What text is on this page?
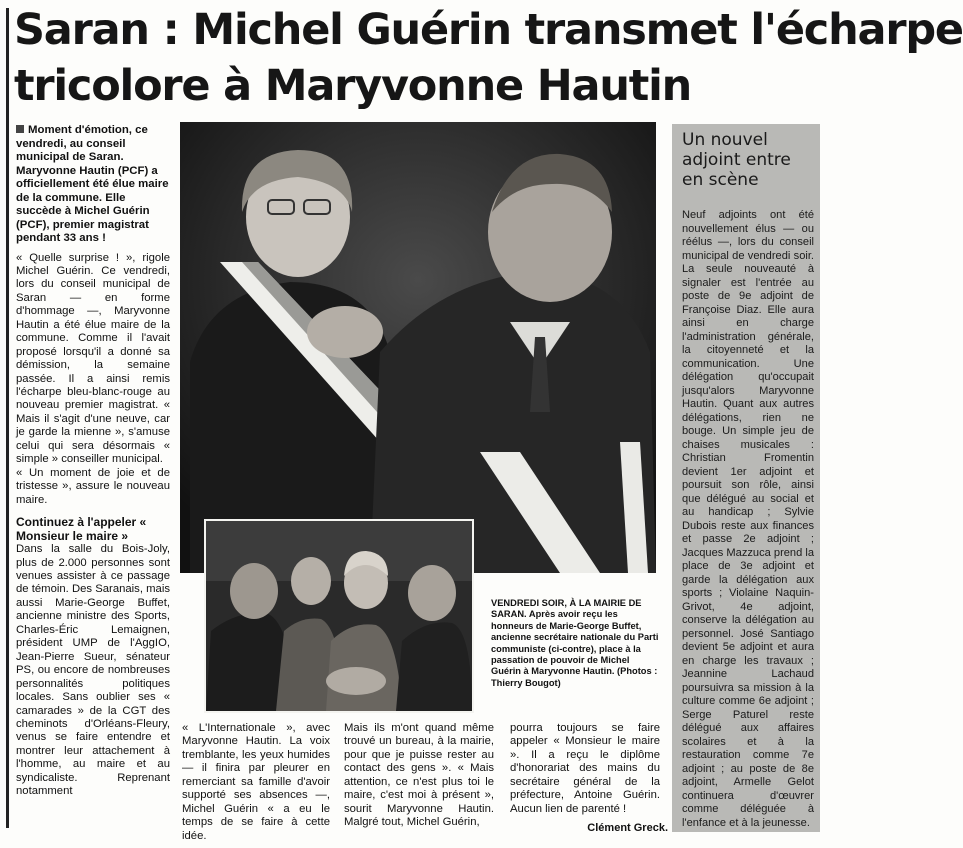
Saran : Michel Guérin transmet l'écharpe
tricolore à Maryvonne Hautin

Moment d'émotion, ce vendredi, au conseil municipal de Saran. Maryvonne Hautin (PCF) a officiellement été élue maire de la commune. Elle succède à Michel Guérin (PCF), premier magistrat pendant 33 ans !

« Quelle surprise ! », rigole Michel Guérin. Ce vendredi, lors du conseil municipal de Saran — en forme d'hommage —, Maryvonne Hautin a été élue maire de la commune. Comme il l'avait proposé lorsqu'il a donné sa démission, la semaine passée. Il a ainsi remis l'écharpe bleu-blanc-rouge au nouveau premier magistrat. « Mais il s'agit d'une neuve, car je garde la mienne », s'amuse celui qui sera désormais « simple » conseiller municipal.

« Un moment de joie et de tristesse », assure le nouveau maire.

Continuez à l'appeler « Monsieur le maire »

Dans la salle du Bois-Joly, plus de 2.000 personnes sont venues assister à ce passage de témoin. Des Saranais, mais aussi Marie-George Buffet, ancienne ministre des Sports, Charles-Éric Lemaignen, président UMP de l'AggIO, Jean-Pierre Sueur, sénateur PS, ou encore de nombreuses personnalités politiques locales. Sans oublier ses « camarades » de la CGT des cheminots d'Orléans-Fleury, venus se faire entendre et montrer leur attachement à l'homme, au maire et au syndicaliste. Reprenant notamment

VENDREDI SOIR, À LA MAIRIE DE SARAN. Après avoir reçu les honneurs de Marie-George Buffet, ancienne secrétaire nationale du Parti communiste (ci-contre), place à la passation de pouvoir de Michel Guérin à Maryvonne Hautin. (Photos : Thierry Bougot)

« L'Internationale », avec Maryvonne Hautin. La voix tremblante, les yeux humides — il finira par pleurer en remerciant sa famille d'avoir supporté ses absences —, Michel Guérin « a eu le temps de se faire à cette idée.

Mais ils m'ont quand même trouvé un bureau, à la mairie, pour que je puisse rester au contact des gens ». « Mais attention, ce n'est plus toi le maire, c'est moi à présent », sourit Maryvonne Hautin. Malgré tout, Michel Guérin,

pourra toujours se faire appeler « Monsieur le maire ». Il a reçu le diplôme d'honorariat des mains du secrétaire général de la préfecture, Antoine Guérin. Aucun lien de parenté !

Clément Greck.
Un nouvel adjoint entre en scène
Neuf adjoints ont été nouvellement élus — ou réélus —, lors du conseil municipal de vendredi soir. La seule nouveauté à signaler est l'entrée au poste de 9e adjoint de Françoise Diaz. Elle aura ainsi en charge l'administration générale, la citoyenneté et la communication. Une délégation qu'occupait jusqu'alors Maryvonne Hautin. Quant aux autres délégations, rien ne bouge. Un simple jeu de chaises musicales : Christian Fromentin devient 1er adjoint et poursuit son rôle, ainsi que délégué au social et au handicap ; Sylvie Dubois reste aux finances et passe 2e adjoint ; Jacques Mazzuca prend la place de 3e adjoint et garde la délégation aux sports ; Violaine Naquin-Grivot, 4e adjoint, conserve la délégation au personnel. José Santiago devient 5e adjoint et aura en charge les travaux ; Jeannine Lachaud poursuivra sa mission à la culture comme 6e adjoint ; Serge Paturel reste délégué aux affaires scolaires et à la restauration comme 7e adjoint ; au poste de 8e adjoint, Armelle Gelot continuera d'œuvrer comme déléguée à l'enfance et à la jeunesse.
